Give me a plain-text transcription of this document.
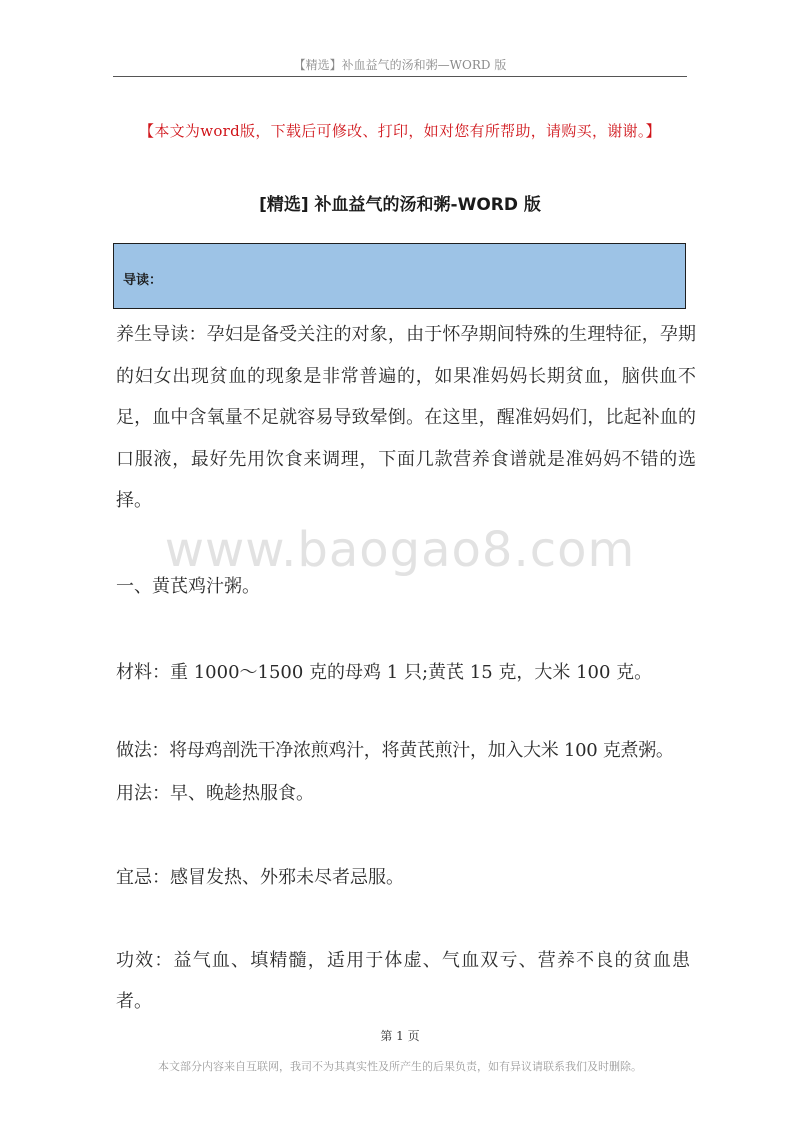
【精选】补血益气的汤和粥—WORD 版
【本文为word版，下载后可修改、打印，如对您有所帮助，请购买，谢谢。】
[精选] 补血益气的汤和粥-WORD 版
导读：
养生导读：孕妇是备受关注的对象，由于怀孕期间特殊的生理特征，孕期的妇女出现贫血的现象是非常普遍的，如果准妈妈长期贫血，脑供血不足，血中含氧量不足就容易导致晕倒。在这里，醒准妈妈们，比起补血的口服液，最好先用饮食来调理，下面几款营养食谱就是准妈妈不错的选择。
www.baogao8.com
一、黄芪鸡汁粥。
材料：重 1000～1500 克的母鸡 1 只;黄芪 15 克，大米 100 克。
做法：将母鸡剖洗干净浓煎鸡汁，将黄芪煎汁，加入大米 100 克煮粥。
用法：早、晚趁热服食。
宜忌：感冒发热、外邪未尽者忌服。
功效：益气血、填精髓，适用于体虚、气血双亏、营养不良的贫血患者。
第 1 页
本文部分内容来自互联网，我司不为其真实性及所产生的后果负责，如有异议请联系我们及时删除。
